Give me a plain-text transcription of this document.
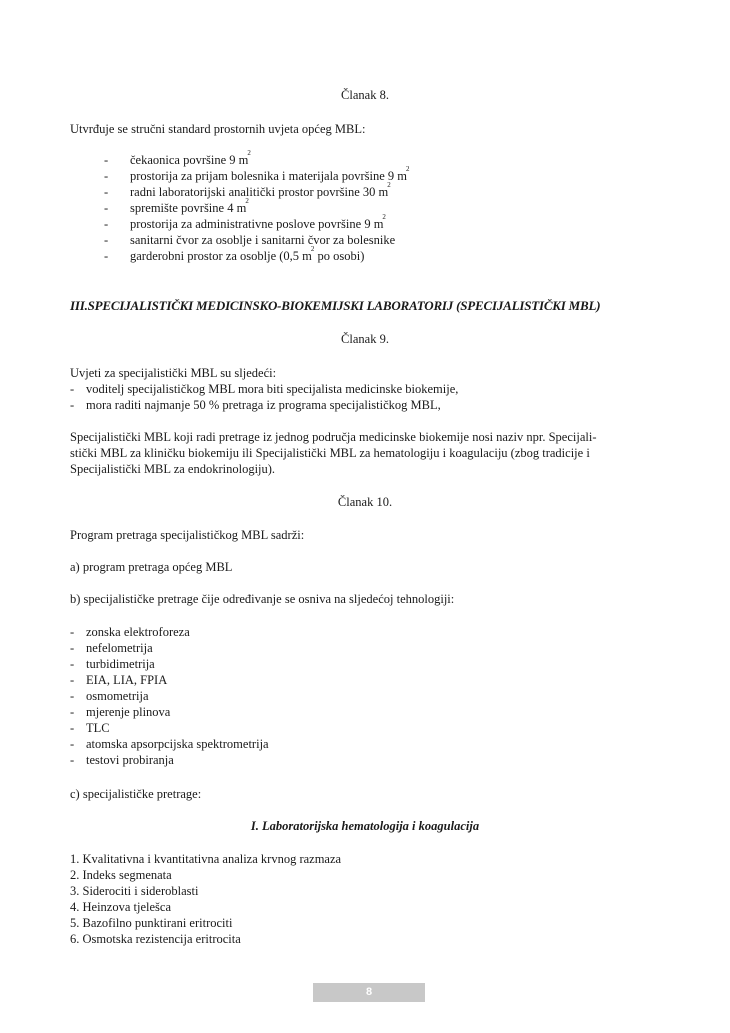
Članak 8.
Utvrđuje se stručni standard prostornih uvjeta općeg MBL:
- čekaonica površine 9 $m^2$
- prostorija za prijam bolesnika i materijala površine 9 $m^2$
- radni laboratorijski analitički prostor površine 30 $m^2$
- spremište površine 4 $m^2$
- prostorija za administrativne poslove površine 9 $m^2$
- sanitarni čvor za osoblje i sanitarni čvor za bolesnike
- garderobni prostor za osoblje (0,5 $m^2$ po osobi)
III.SPECIJALISTIČKI MEDICINSKO-BIOKEMIJSKI LABORATORIJ (SPECIJALISTIČKI MBL)
Članak 9.
Uvjeti za specijalistički MBL su sljedeći:
- voditelj specijalističkog MBL mora biti specijalista medicinske biokemije,
- mora raditi najmanje 50 % pretraga iz programa specijalističkog MBL,
Specijalistički MBL koji radi pretrage iz jednog područja medicinske biokemije nosi naziv npr. Specijali-
stički MBL za kliničku biokemiju ili Specijalistički MBL za hematologiju i koagulaciju (zbog tradicije i
Specijalistički MBL za endokrinologiju).
Članak 10.
Program pretraga specijalističkog MBL sadrži:
a) program pretraga općeg MBL
b) specijalističke pretrage čije određivanje se osniva na sljedećoj tehnologiji:
- zonska elektroforeza
- nefelometrija
- turbidimetrija
- EIA, LIA, FPIA
- osmometrija
- mjerenje plinova
- TLC
- atomska apsorpcijska spektrometrija
- testovi probiranja
c) specijalističke pretrage:
I. Laboratorijska hematologija i koagulacija
1. Kvalitativna i kvantitativna analiza krvnog razmaza
2. Indeks segmenata
3. Siderociti i sideroblasti
4. Heinzova tjelešca
5. Bazofilno punktirani eritrociti
6. Osmotska rezistencija eritrocita
8
